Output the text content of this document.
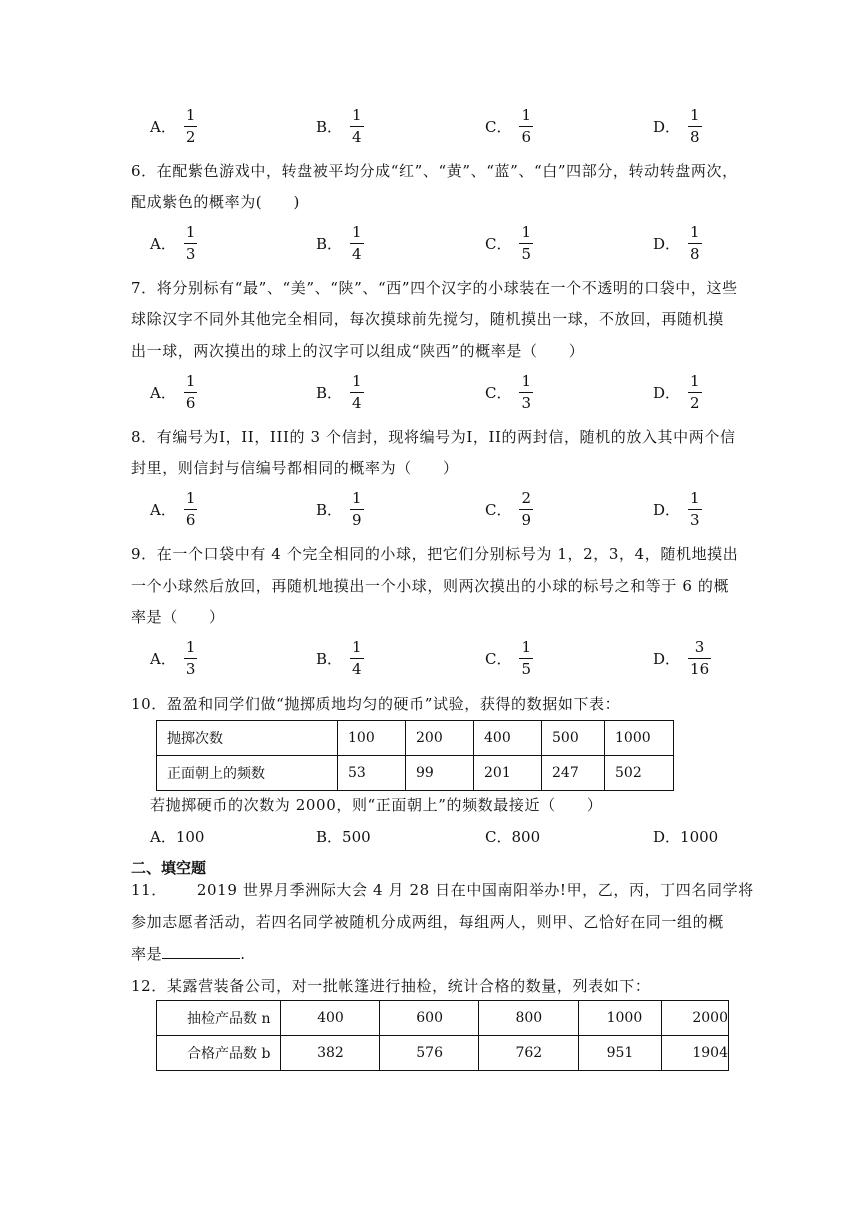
A． $\frac{1}{2}$	B． $\frac{1}{4}$	C． $\frac{1}{6}$	D． $\frac{1}{8}$
6．在配紫色游戏中，转盘被平均分成“红”、“黄”、“蓝”、“白”四部分，转动转盘两次，
配成紫色的概率为(　　)
A． $\frac{1}{3}$	B． $\frac{1}{4}$	C． $\frac{1}{5}$	D． $\frac{1}{8}$
7．将分别标有“最”、“美”、“陕”、“西”四个汉字的小球装在一个不透明的口袋中，这些
球除汉字不同外其他完全相同，每次摸球前先搅匀，随机摸出一球，不放回，再随机摸
出一球，两次摸出的球上的汉字可以组成“陕西”的概率是（　　）
A． $\frac{1}{6}$	B． $\frac{1}{4}$	C． $\frac{1}{3}$	D． $\frac{1}{2}$
8．有编号为I，II，III的 3 个信封，现将编号为I，II的两封信，随机的放入其中两个信
封里，则信封与信编号都相同的概率为（　　）
A． $\frac{1}{6}$	B． $\frac{1}{9}$	C． $\frac{2}{9}$	D． $\frac{1}{3}$
9．在一个口袋中有 4 个完全相同的小球，把它们分别标号为 1，2，3，4，随机地摸出
一个小球然后放回，再随机地摸出一个小球，则两次摸出的小球的标号之和等于 6 的概
率是（　　）
A． $\frac{1}{3}$	B． $\frac{1}{4}$	C． $\frac{1}{5}$	D． $\frac{3}{16}$
10．盈盈和同学们做“抛掷质地均匀的硬币”试验，获得的数据如下表：
抛掷次数	100	200	400	500	1000
正面朝上的频数	53	99	201	247	502
若抛掷硬币的次数为 2000，则“正面朝上”的频数最接近（　　）
A．100	B．500	C．800	D．1000
二、填空题
11． 2019 世界月季洲际大会 4 月 28 日在中国南阳举办!甲，乙，丙，丁四名同学将
参加志愿者活动，若四名同学被随机分成两组，每组两人，则甲、乙恰好在同一组的概
率是	.
12．某露营装备公司，对一批帐篷进行抽检，统计合格的数量，列表如下：
抽检产品数 n	400	600	800	1000	2000
合格产品数 b	382	576	762	951	1904
